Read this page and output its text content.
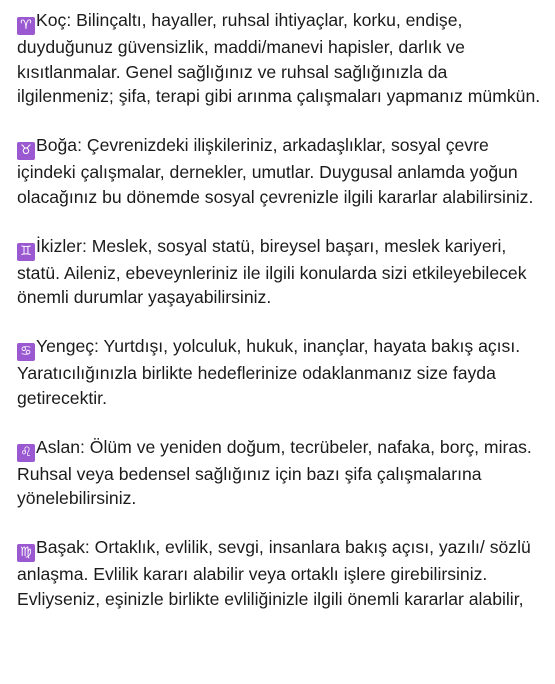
♈ Koç: Bilinçaltı, hayaller, ruhsal ihtiyaçlar, korku, endişe, duyduğunuz güvensizlik, maddi/manevi hapisler, darlık ve kısıtlanmalar. Genel sağlığınız ve ruhsal sağlığınızla da ilgilenmeniz; şifa, terapi gibi arınma çalışmaları yapmanız mümkün.

♉ Boğa: Çevrenizdeki ilişkileriniz, arkadaşlıklar, sosyal çevre içindeki çalışmalar, dernekler, umutlar. Duygusal anlamda yoğun olacağınız bu dönemde sosyal çevrenizle ilgili kararlar alabilirsiniz.

♊ İkizler: Meslek, sosyal statü, bireysel başarı, meslek kariyeri, statü. Aileniz, ebeveynleriniz ile ilgili konularda sizi etkileyebilecek önemli durumlar yaşayabilirsiniz.

♋ Yengeç: Yurtdışı, yolculuk, hukuk, inançlar, hayata bakış açısı. Yaratıcılığınızla birlikte hedeflerinize odaklanmanız size fayda getirecektir.

♌ Aslan: Ölüm ve yeniden doğum, tecrübeler, nafaka, borç, miras. Ruhsal veya bedensel sağlığınız için bazı şifa çalışmalarına yönelebilirsiniz.

♍ Başak: Ortaklık, evlilik, sevgi, insanlara bakış açısı, yazılı/ sözlü anlaşma. Evlilik kararı alabilir veya ortaklı işlere girebilirsiniz. Evliyseniz, eşinizle birlikte evliliğinizle ilgili önemli kararlar alabilir,
